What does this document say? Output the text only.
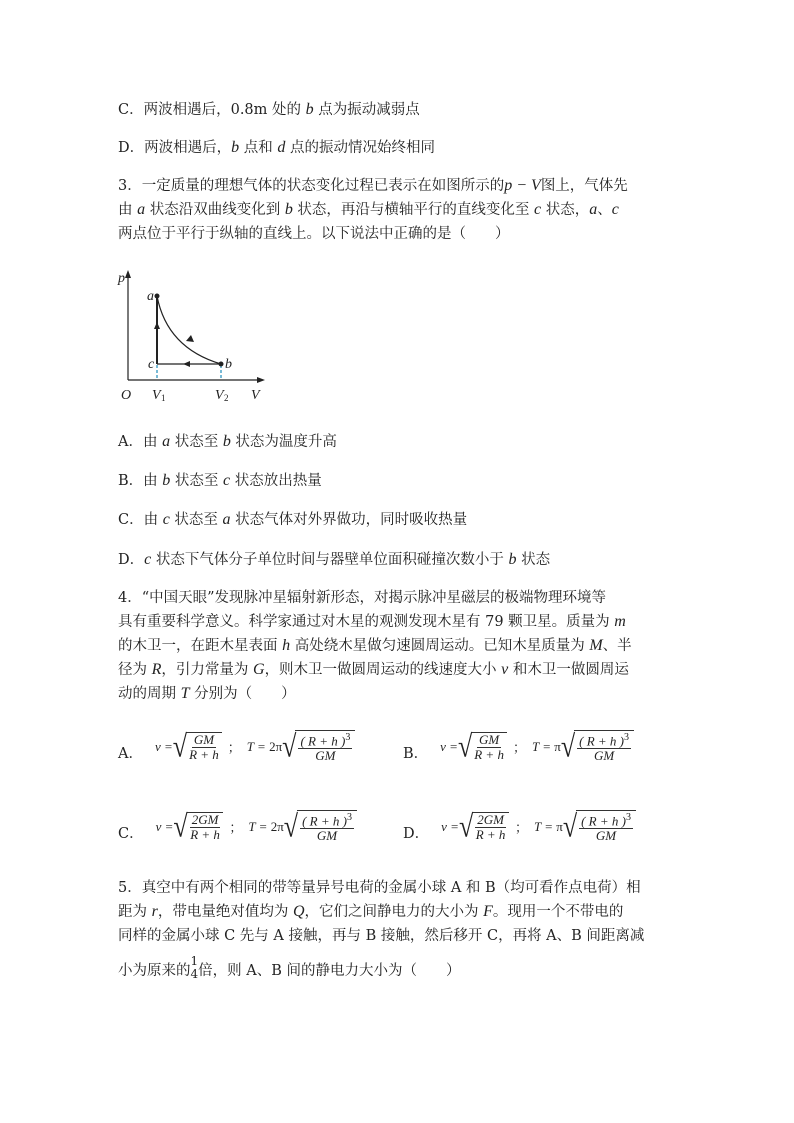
C．两波相遇后，0.8m 处的 b 点为振动减弱点
D．两波相遇后，b 点和 d 点的振动情况始终相同
3．一定质量的理想气体的状态变化过程已表示在如图所示的p − V图上，气体先
由 a 状态沿双曲线变化到 b 状态，再沿与横轴平行的直线变化至 c 状态，a、c
两点位于平行于纵轴的直线上。以下说法中正确的是（　　）
A．由 a 状态至 b 状态为温度升高
B．由 b 状态至 c 状态放出热量
C．由 c 状态至 a 状态气体对外界做功，同时吸收热量
D．c 状态下气体分子单位时间与器壁单位面积碰撞次数小于 b 状态
4．“中国天眼”发现脉冲星辐射新形态，对揭示脉冲星磁层的极端物理环境等
具有重要科学意义。科学家通过对木星的观测发现木星有 79 颗卫星。质量为 m
的木卫一，在距木星表面 h 高处绕木星做匀速圆周运动。已知木星质量为 M、半
径为 R，引力常量为 G，则木卫一做圆周运动的线速度大小 v 和木卫一做圆周运
动的周期 T 分别为（　　）
5．真空中有两个相同的带等量异号电荷的金属小球 A 和 B（均可看作点电荷）相
距为 r，带电量绝对值均为 Q，它们之间静电力的大小为 F。现用一个不带电的
同样的金属小球 C 先与 A 接触，再与 B 接触，然后移开 C，再将 A、B 间距离减
p
a
b
c
O V 1	V 2 V
A．
v = √ $\frac{GM}{R + h}$ ； T =
2π √ $\frac{( R + h )^3}{GM}$	B．
v = √ $\frac{GM}{R + h}$ ； T =
π √ $\frac{( R + h )^3}{GM}$
C．
v = √ $\frac{2GM}{R + h}$ ； T =
2π √ $\frac{( R + h )^3}{GM}$	D．
v = √ $\frac{2GM}{R + h}$ ； T =
π √ $\frac{( R + h )^3}{GM}$
小为原来的
1
4 倍，则 A、B 间的静电力大小为（　　）
